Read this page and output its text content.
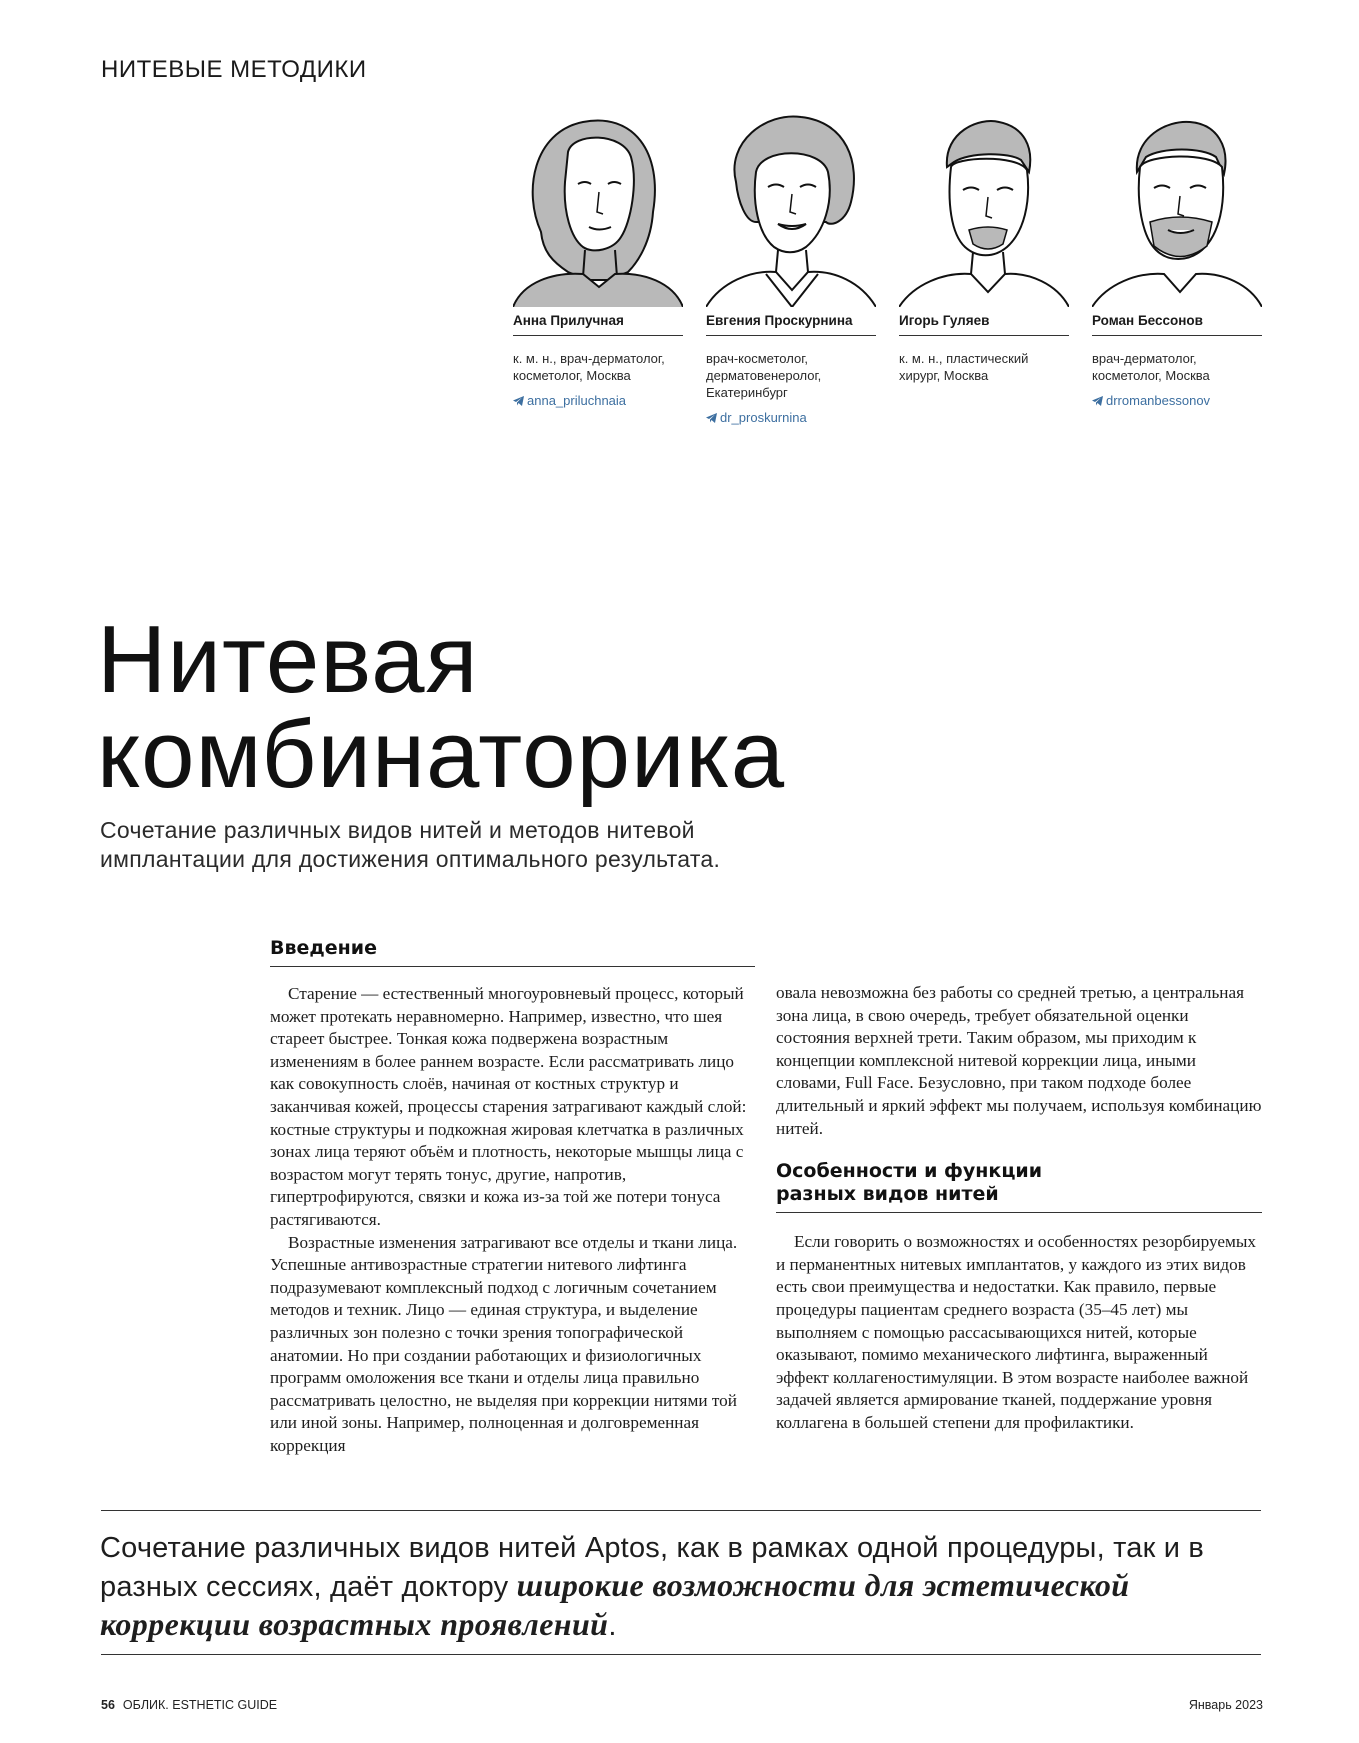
НИТЕВЫЕ МЕТОДИКИ
Анна Прилучная
к. м. н., врач-дерматолог, косметолог, Москва
anna_priluchnaia
Евгения Проскурнина
врач-косметолог, дерматовенеролог, Екатеринбург
dr_proskurnina
Игорь Гуляев
к. м. н., пластический хирург, Москва
Роман Бессонов
врач-дерматолог, косметолог, Москва
drromanbessonov
Нитевая
комбинаторика
Сочетание различных видов нитей и методов нитевой имплантации для достижения оптимального результата.
Введение

Старение — естественный многоуровневый процесс, который может протекать неравномерно. Например, известно, что шея стареет быстрее. Тонкая кожа подвержена возрастным изменениям в более раннем возрасте. Если рассматривать лицо как совокупность слоёв, начиная от костных структур и заканчивая кожей, процессы старения затрагивают каждый слой: костные структуры и подкожная жировая клетчатка в различных зонах лица теряют объём и плотность, некоторые мышцы лица с возрастом могут терять тонус, другие, напротив, гипертрофируются, связки и кожа из-за той же потери тонуса растягиваются.

Возрастные изменения затрагивают все отделы и ткани лица. Успешные антивозрастные стратегии нитевого лифтинга подразумевают комплексный подход с логичным сочетанием методов и техник. Лицо — единая структура, и выделение различных зон полезно с точки зрения топографической анатомии. Но при создании работающих и физиологичных программ омоложения все ткани и отделы лица правильно рассматривать целостно, не выделяя при коррекции нитями той или иной зоны. Например, полноценная и долговременная коррекция

овала невозможна без работы со средней третью, а центральная зона лица, в свою очередь, требует обязательной оценки состояния верхней трети. Таким образом, мы приходим к концепции комплексной нитевой коррекции лица, иными словами, Full Face. Безусловно, при таком подходе более длительный и яркий эффект мы получаем, используя комбинацию нитей.

Особенности и функции
разных видов нитей

Если говорить о возможностях и особенностях резорбируемых и перманентных нитевых имплантатов, у каждого из этих видов есть свои преимущества и недостатки. Как правило, первые процедуры пациентам среднего возраста (35–45 лет) мы выполняем с помощью рассасывающихся нитей, которые оказывают, помимо механического лифтинга, выраженный эффект коллагеностимуляции. В этом возрасте наиболее важной задачей является армирование тканей, поддержание уровня коллагена в большей степени для профилактики.

Сочетание различных видов нитей Aptos, как в рамках одной процедуры, так и в разных сессиях, даёт доктору широкие возможности для эстетической коррекции возрастных проявлений.
56 ОБЛИК. ESTHETIC GUIDE	Январь 2023
